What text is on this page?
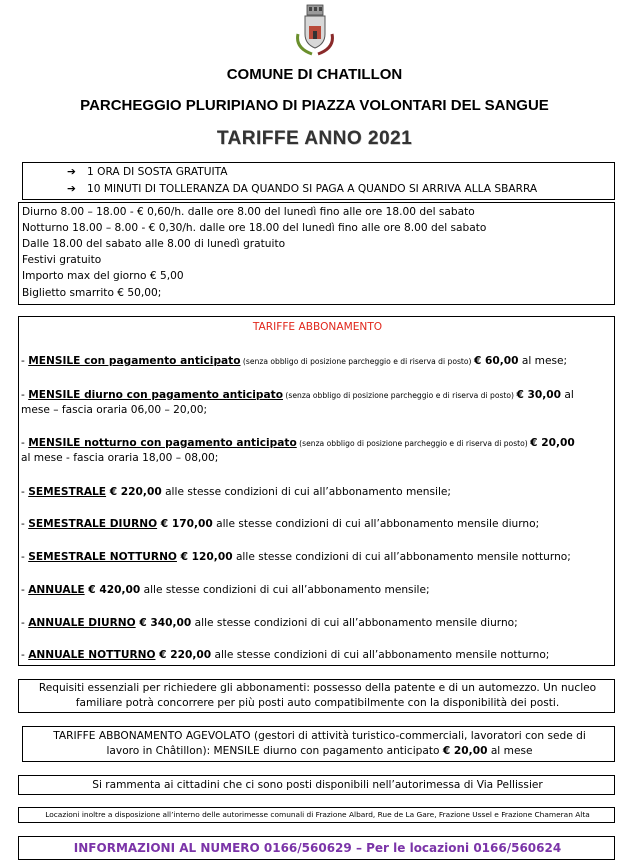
COMUNE DI CHATILLON
PARCHEGGIO PLURIPIANO DI PIAZZA VOLONTARI DEL SANGUE
TARIFFE ANNO 2021
➔ 1 ORA DI SOSTA GRATUITA
➔ 10 MINUTI DI TOLLERANZA DA QUANDO SI PAGA A QUANDO SI ARRIVA ALLA SBARRA
Diurno 8.00 – 18.00 - € 0,60/h. dalle ore 8.00 del lunedì fino alle ore 18.00 del sabato
Notturno 18.00 – 8.00 - € 0,30/h. dalle ore 18.00 del lunedì fino alle ore 8.00 del sabato
Dalle 18.00 del sabato alle 8.00 di lunedì gratuito
Festivi gratuito
Importo max del giorno € 5,00
Biglietto smarrito € 50,00;
TARIFFE ABBONAMENTO
- MENSILE con pagamento anticipato (senza obbligo di posizione parcheggio e di riserva di posto) € 60,00 al mese;
- MENSILE diurno con pagamento anticipato (senza obbligo di posizione parcheggio e di riserva di posto) € 30,00 al
mese – fascia oraria 06,00 – 20,00;
- MENSILE notturno con pagamento anticipato (senza obbligo di posizione parcheggio e di riserva di posto) € 20,00
al mese - fascia oraria 18,00 – 08,00;
- SEMESTRALE € 220,00 alle stesse condizioni di cui all’abbonamento mensile;
- SEMESTRALE DIURNO € 170,00 alle stesse condizioni di cui all’abbonamento mensile diurno;
- SEMESTRALE NOTTURNO € 120,00 alle stesse condizioni di cui all’abbonamento mensile notturno;
- ANNUALE € 420,00 alle stesse condizioni di cui all’abbonamento mensile;
- ANNUALE DIURNO € 340,00 alle stesse condizioni di cui all’abbonamento mensile diurno;
- ANNUALE NOTTURNO € 220,00 alle stesse condizioni di cui all’abbonamento mensile notturno;
Requisiti essenziali per richiedere gli abbonamenti: possesso della patente e di un automezzo. Un nucleo
familiare potrà concorrere per più posti auto compatibilmente con la disponibilità dei posti.
TARIFFE ABBONAMENTO AGEVOLATO (gestori di attività turistico-commerciali, lavoratori con sede di
lavoro in Châtillon): MENSILE diurno con pagamento anticipato € 20,00 al mese
Si rammenta ai cittadini che ci sono posti disponibili nell’autorimessa di Via Pellissier
Locazioni inoltre a disposizione all’interno delle autorimesse comunali di Frazione Albard, Rue de La Gare, Frazione Ussel e Frazione Chameran Alta
INFORMAZIONI AL NUMERO 0166/560629 – Per le locazioni 0166/560624
